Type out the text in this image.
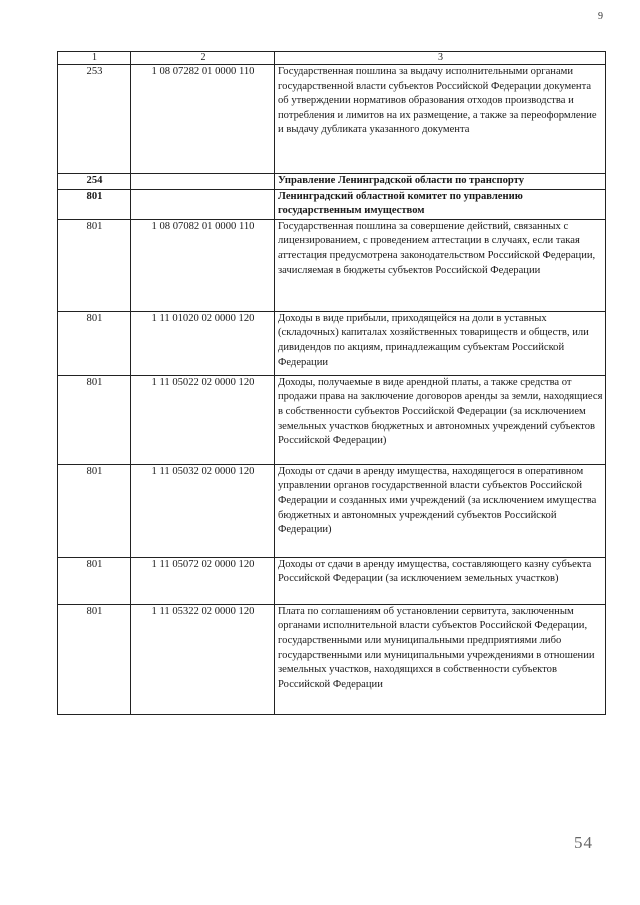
9
1	2	3
253	1 08 07282 01 0000 110	Государственная пошлина за выдачу исполнительными органами государственной власти субъектов Российской Федерации документа об утверждении нормативов образования отходов производства и потребления и лимитов на их размещение, а также за переоформление и выдачу дубликата указанного документа
254		Управление Ленинградской области по транспорту
801		Ленинградский областной комитет по управлению государственным имуществом
801	1 08 07082 01 0000 110	Государственная пошлина за совершение действий, связанных с лицензированием, с проведением аттестации в случаях, если такая аттестация предусмотрена законодательством Российской Федерации, зачисляемая в бюджеты субъектов Российской Федерации
801	1 11 01020 02 0000 120	Доходы в виде прибыли, приходящейся на доли в уставных (складочных) капиталах хозяйственных товариществ и обществ, или дивидендов по акциям, принадлежащим субъектам Российской Федерации
801	1 11 05022 02 0000 120	Доходы, получаемые в виде арендной платы, а также средства от продажи права на заключение договоров аренды за земли, находящиеся в собственности субъектов Российской Федерации (за исключением земельных участков бюджетных и автономных учреждений субъектов Российской Федерации)
801	1 11 05032 02 0000 120	Доходы от сдачи в аренду имущества, находящегося в оперативном управлении органов государственной власти субъектов Российской Федерации и созданных ими учреждений (за исключением имущества бюджетных и автономных учреждений субъектов Российской Федерации)
801	1 11 05072 02 0000 120	Доходы от сдачи в аренду имущества, составляющего казну субъекта Российской Федерации (за исключением земельных участков)
801	1 11 05322 02 0000 120	Плата по соглашениям об установлении сервитута, заключенным органами исполнительной власти субъектов Российской Федерации, государственными или муниципальными предприятиями либо государственными или муниципальными учреждениями в отношении земельных участков, находящихся в собственности субъектов Российской Федерации
54
